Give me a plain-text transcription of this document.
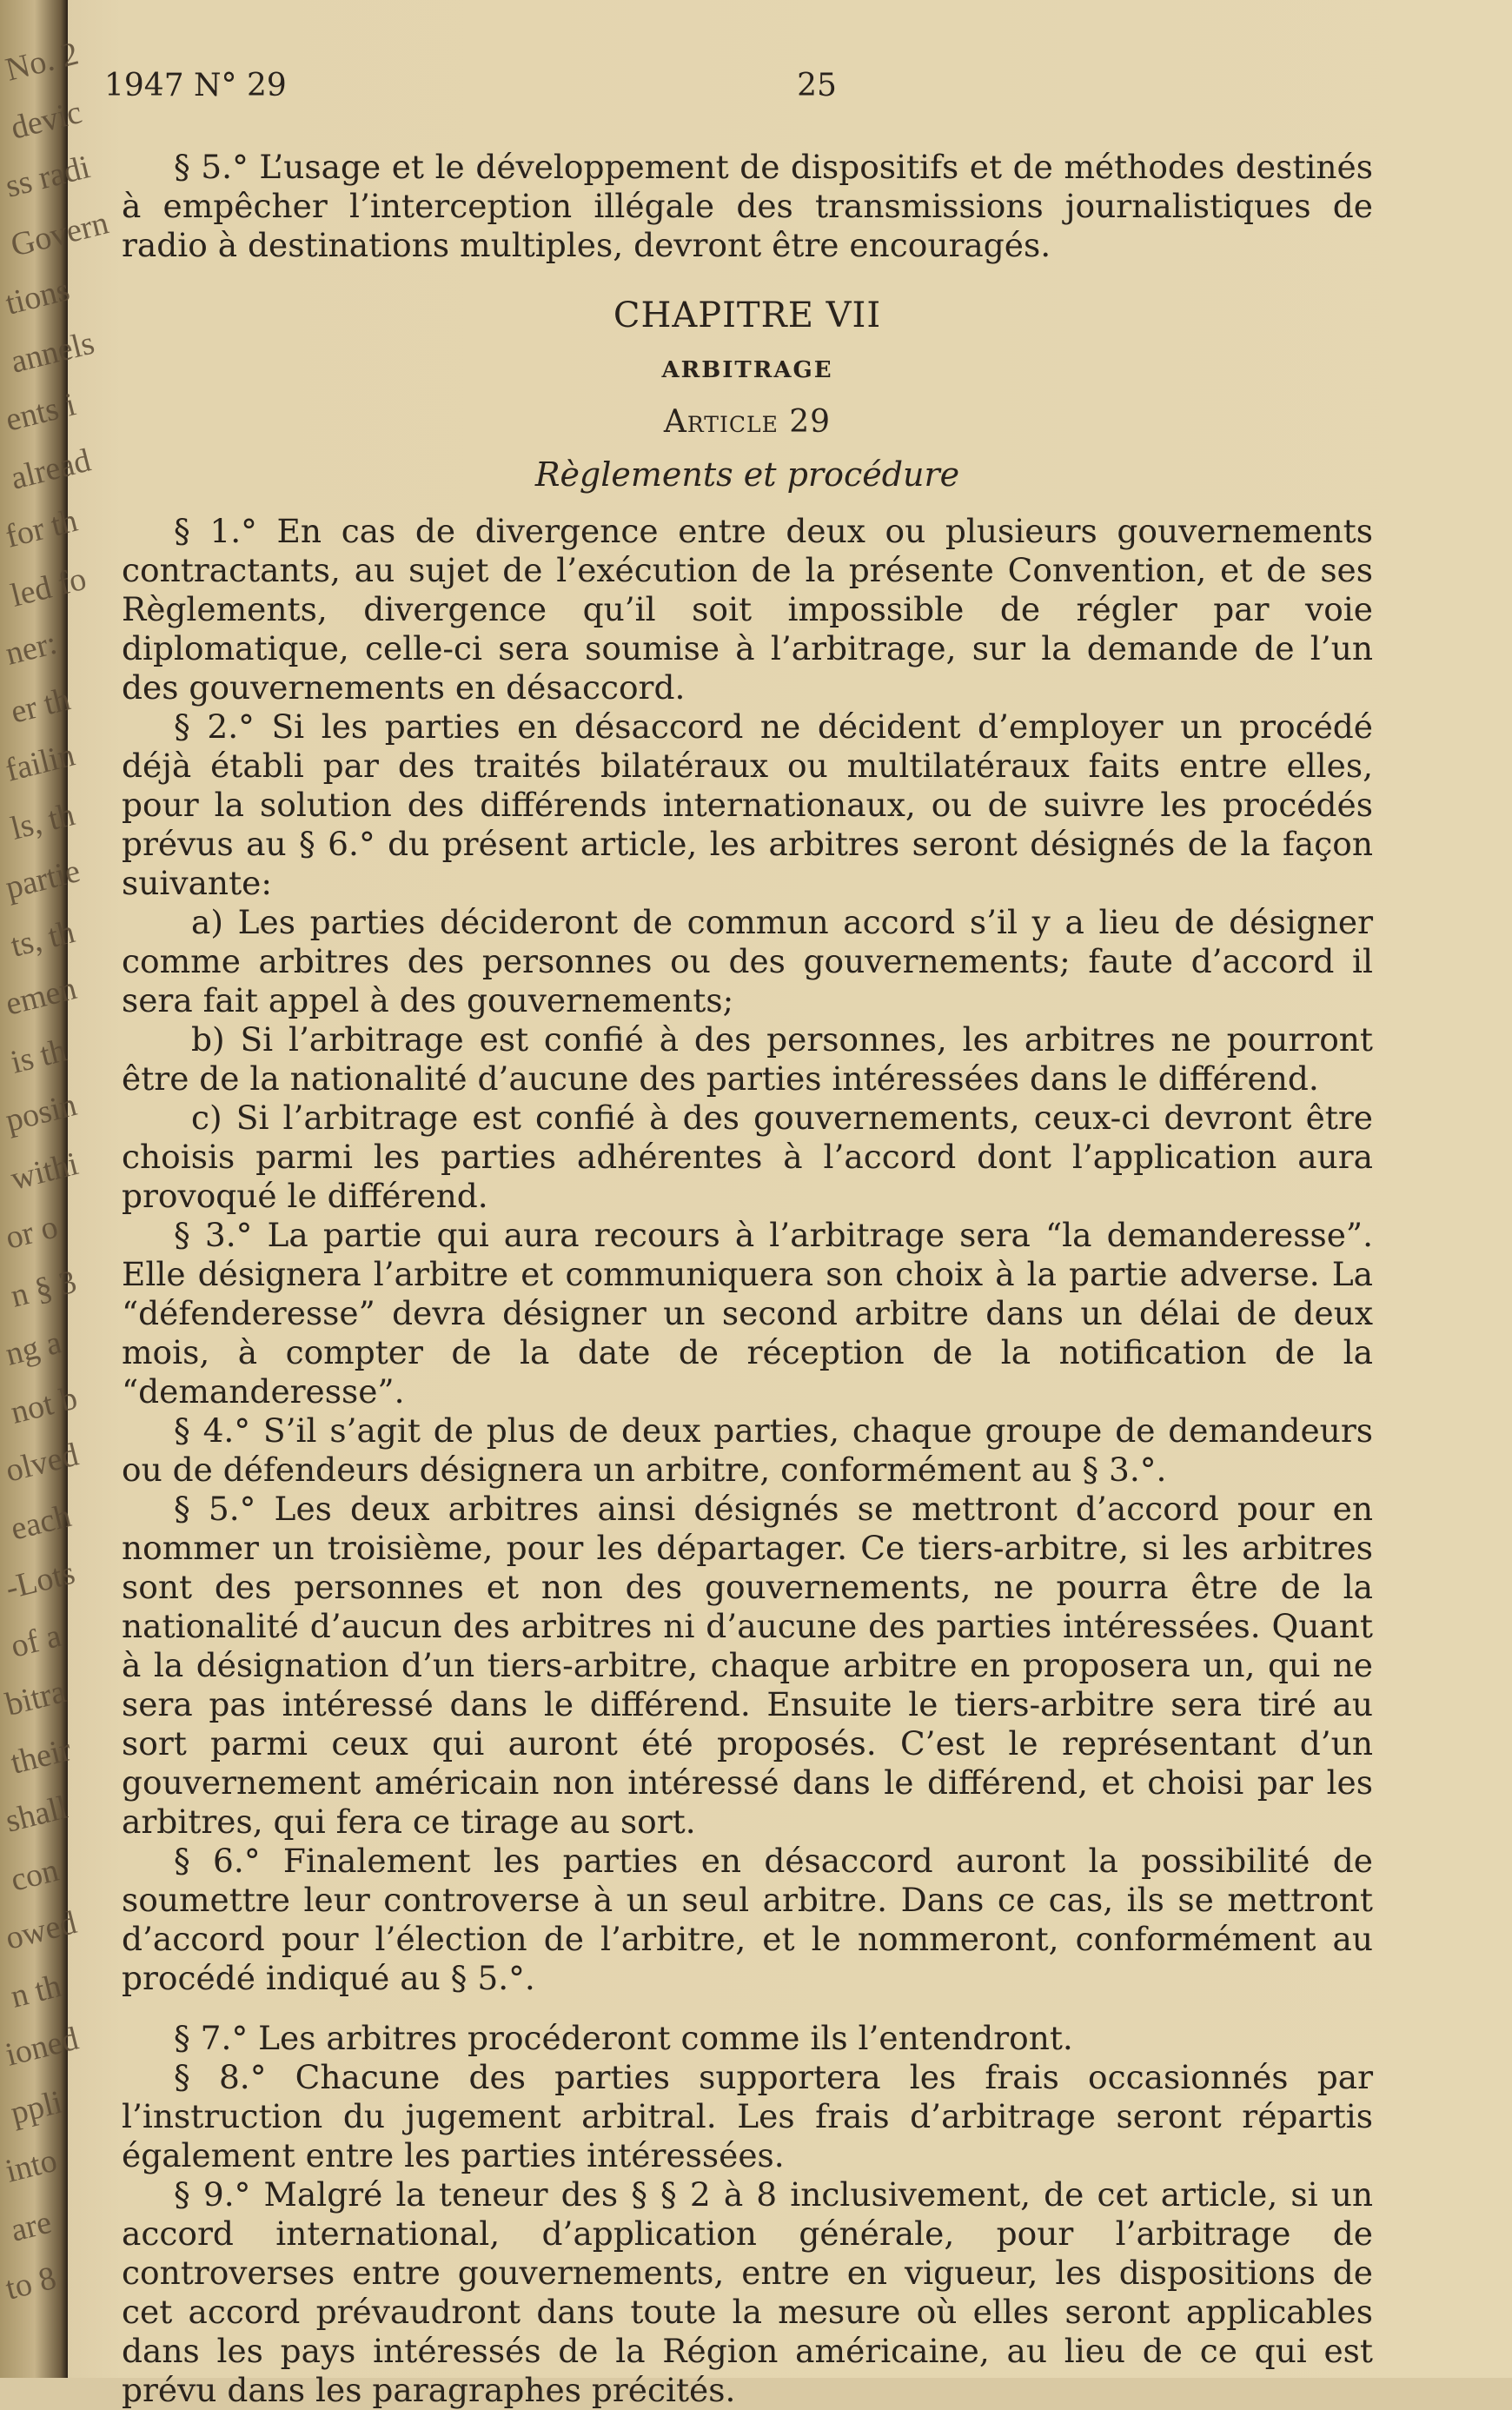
No. 2
devic
ss radi
Govern
tions
annels
ents i
alread
for th
led fo
ner:
er th
failin
ls, th
partie
ts, th
emen
is th
posin
withi
or o
n § 3
ng a
not b
olved
each
-Lots
of a
bitra
their
shall
con
owed
n th
ioned
ppli
into
are
to 8
1947 N° 29	25

§ 5.° L’usage et le développement de dispositifs et de méthodes destinés à empêcher l’interception illégale des transmissions journalistiques de radio à destinations multiples, devront être encouragés.

CHAPITRE VII
ARBITRAGE
Article 29
Règlements et procédure

§ 1.° En cas de divergence entre deux ou plusieurs gouvernements contractants, au sujet de l’exécution de la présente Convention, et de ses Règlements, divergence qu’il soit impossible de régler par voie diplomatique, celle-ci sera soumise à l’arbitrage, sur la demande de l’un des gouvernements en désaccord.

§ 2.° Si les parties en désaccord ne décident d’employer un procédé déjà établi par des traités bilatéraux ou multilatéraux faits entre elles, pour la solution des différends internationaux, ou de suivre les procédés prévus au § 6.° du présent article, les arbitres seront désignés de la façon suivante:

a) Les parties décideront de commun accord s’il y a lieu de désigner comme arbitres des personnes ou des gouvernements; faute d’accord il sera fait appel à des gouvernements;

b) Si l’arbitrage est confié à des personnes, les arbitres ne pourront être de la nationalité d’aucune des parties intéressées dans le différend.

c) Si l’arbitrage est confié à des gouvernements, ceux-ci devront être choisis parmi les parties adhérentes à l’accord dont l’application aura provoqué le différend.

§ 3.° La partie qui aura recours à l’arbitrage sera “la demanderesse”. Elle désignera l’arbitre et communiquera son choix à la partie adverse. La “défenderesse” devra désigner un second arbitre dans un délai de deux mois, à compter de la date de réception de la notification de la “demanderesse”.

§ 4.° S’il s’agit de plus de deux parties, chaque groupe de demandeurs ou de défendeurs désignera un arbitre, conformément au § 3.°.

§ 5.° Les deux arbitres ainsi désignés se mettront d’accord pour en nommer un troisième, pour les départager. Ce tiers-arbitre, si les arbitres sont des personnes et non des gouvernements, ne pourra être de la nationalité d’aucun des arbitres ni d’aucune des parties intéressées. Quant à la désignation d’un tiers-arbitre, chaque arbitre en proposera un, qui ne sera pas intéressé dans le différend. Ensuite le tiers-arbitre sera tiré au sort parmi ceux qui auront été proposés. C’est le représentant d’un gouvernement américain non intéressé dans le différend, et choisi par les arbitres, qui fera ce tirage au sort.

§ 6.° Finalement les parties en désaccord auront la possibilité de soumettre leur controverse à un seul arbitre. Dans ce cas, ils se mettront d’accord pour l’élection de l’arbitre, et le nommeront, conformément au procédé indiqué au § 5.°.

§ 7.° Les arbitres procéderont comme ils l’entendront.

§ 8.° Chacune des parties supportera les frais occasionnés par l’instruction du jugement arbitral. Les frais d’arbitrage seront répartis également entre les parties intéressées.

§ 9.° Malgré la teneur des § § 2 à 8 inclusivement, de cet article, si un accord international, d’application générale, pour l’arbitrage de controverses entre gouvernements, entre en vigueur, les dispositions de cet accord prévaudront dans toute la mesure où elles seront applicables dans les pays intéressés de la Région américaine, au lieu de ce qui est prévu dans les paragraphes précités.
